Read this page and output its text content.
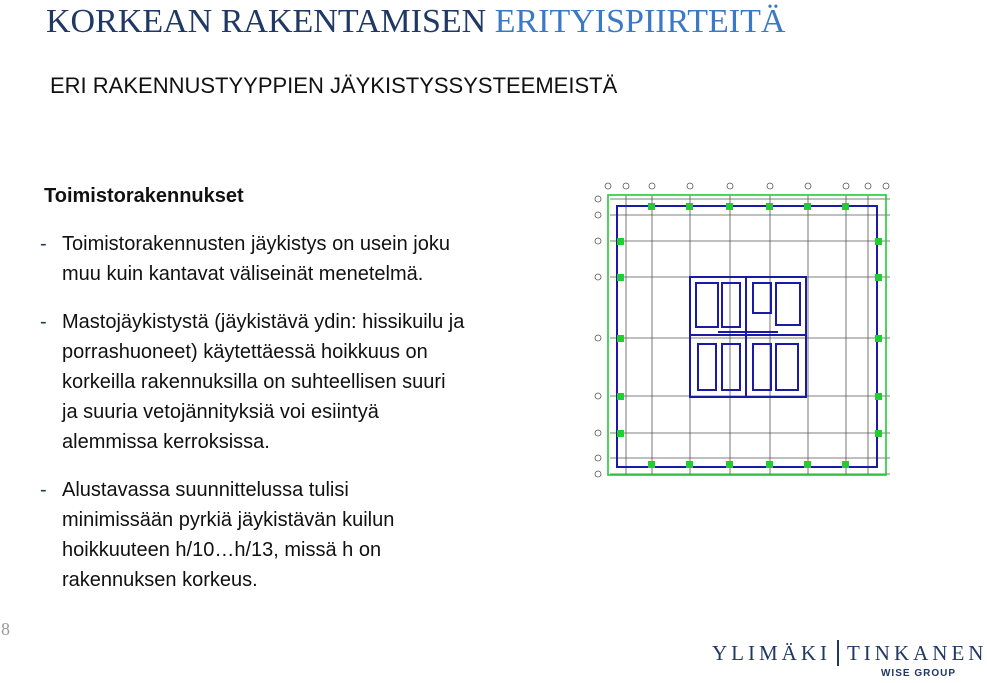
KORKEAN RAKENTAMISEN ERITYISPIIRTEITÄ
ERI RAKENNUSTYYPPIEN JÄYKISTYSSYSTEEMEISTÄ
Toimistorakennukset
- Toimistorakennusten jäykistys on usein joku
muu kuin kantavat väliseinät menetelmä.
- Mastojäykistystä (jäykistävä ydin: hissikuilu ja
porrashuoneet) käytettäessä hoikkuus on
korkeilla rakennuksilla on suhteellisen suuri
ja suuria vetojännityksiä voi esiintyä
alemmissa kerroksissa.
- Alustavassa suunnittelussa tulisi
minimissään pyrkiä jäykistävän kuilun
hoikkuuteen h/10…h/13, missä h on
rakennuksen korkeus.
8
YLIMÄKI TINKANEN
WISE GROUP
